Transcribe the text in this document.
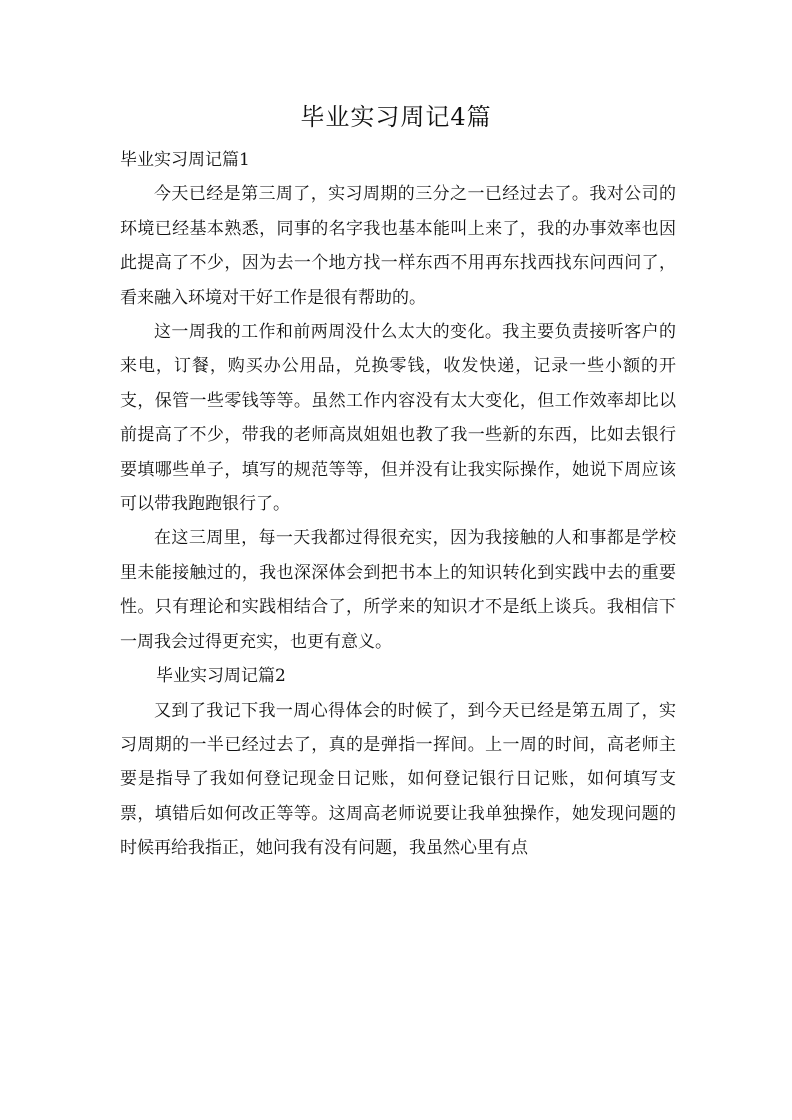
毕业实习周记4篇
毕业实习周记篇1

今天已经是第三周了，实习周期的三分之一已经过去了。我对公司的环境已经基本熟悉，同事的名字我也基本能叫上来了，我的办事效率也因此提高了不少，因为去一个地方找一样东西不用再东找西找东问西问了，看来融入环境对干好工作是很有帮助的。

这一周我的工作和前两周没什么太大的变化。我主要负责接听客户的来电，订餐，购买办公用品，兑换零钱，收发快递，记录一些小额的开支，保管一些零钱等等。虽然工作内容没有太大变化，但工作效率却比以前提高了不少，带我的老师高岚姐姐也教了我一些新的东西，比如去银行要填哪些单子，填写的规范等等，但并没有让我实际操作，她说下周应该可以带我跑跑银行了。

在这三周里，每一天我都过得很充实，因为我接触的人和事都是学校里未能接触过的，我也深深体会到把书本上的知识转化到实践中去的重要性。只有理论和实践相结合了，所学来的知识才不是纸上谈兵。我相信下一周我会过得更充实，也更有意义。

毕业实习周记篇2

又到了我记下我一周心得体会的时候了，到今天已经是第五周了，实习周期的一半已经过去了，真的是弹指一挥间。上一周的时间，高老师主要是指导了我如何登记现金日记账，如何登记银行日记账，如何填写支票，填错后如何改正等等。这周高老师说要让我单独操作，她发现问题的时候再给我指正，她问我有没有问题，我虽然心里有点
